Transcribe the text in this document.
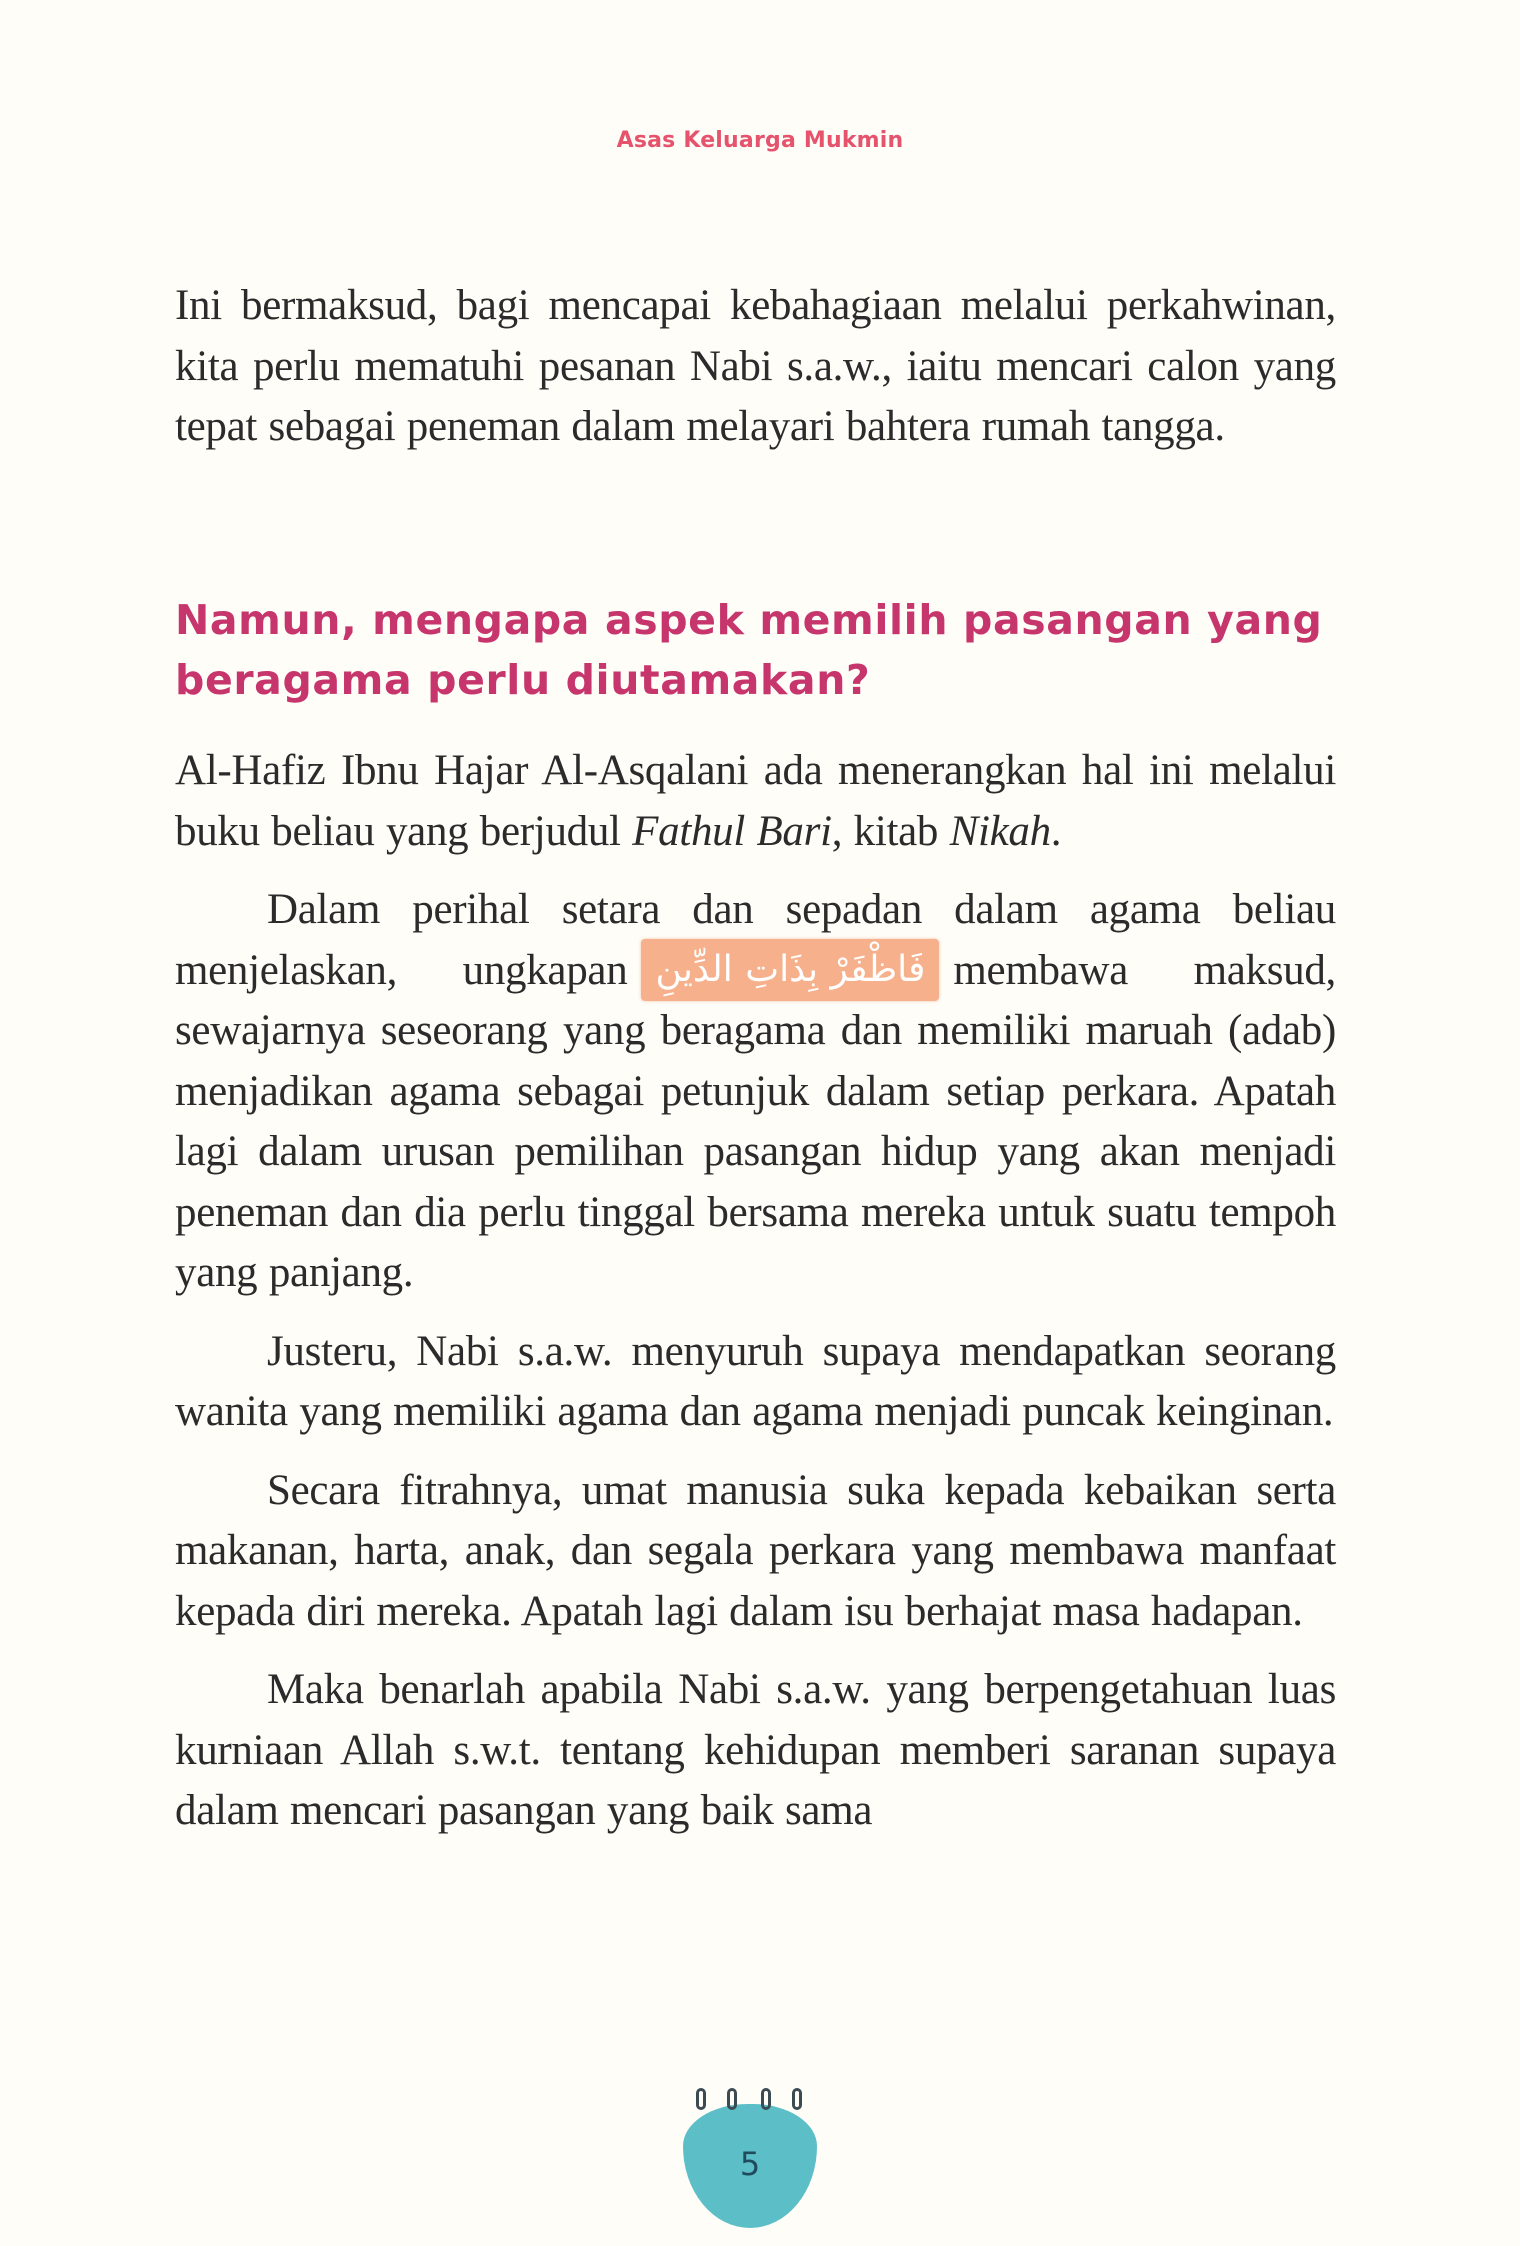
Asas Keluarga Mukmin

Ini bermaksud, bagi mencapai kebahagiaan melalui perkahwinan, kita perlu mematuhi pesanan Nabi s.a.w., iaitu mencari calon yang tepat sebagai peneman dalam melayari bahtera rumah tangga.

Namun, mengapa aspek memilih pasangan yang beragama perlu diutamakan?

Al-Hafiz Ibnu Hajar Al-Asqalani ada menerangkan hal ini melalui buku beliau yang berjudul Fathul Bari, kitab Nikah.

Dalam perihal setara dan sepadan dalam agama beliau menjelaskan, ungkapan فَاظْفَرْ بِذَاتِ الدِّينِ membawa maksud, sewajarnya seseorang yang beragama dan memiliki maruah (adab) menjadikan agama sebagai petunjuk dalam setiap perkara. Apatah lagi dalam urusan pemilihan pasangan hidup yang akan menjadi peneman dan dia perlu tinggal bersama mereka untuk suatu tempoh yang panjang.

Justeru, Nabi s.a.w. menyuruh supaya mendapatkan seorang wanita yang memiliki agama dan agama menjadi puncak keinginan.

Secara fitrahnya, umat manusia suka kepada kebaikan serta makanan, harta, anak, dan segala perkara yang membawa manfaat kepada diri mereka. Apatah lagi dalam isu berhajat masa hadapan.

Maka benarlah apabila Nabi s.a.w. yang berpengetahuan luas kurniaan Allah s.w.t. tentang kehidupan memberi saranan supaya dalam mencari pasangan yang baik sama

5
